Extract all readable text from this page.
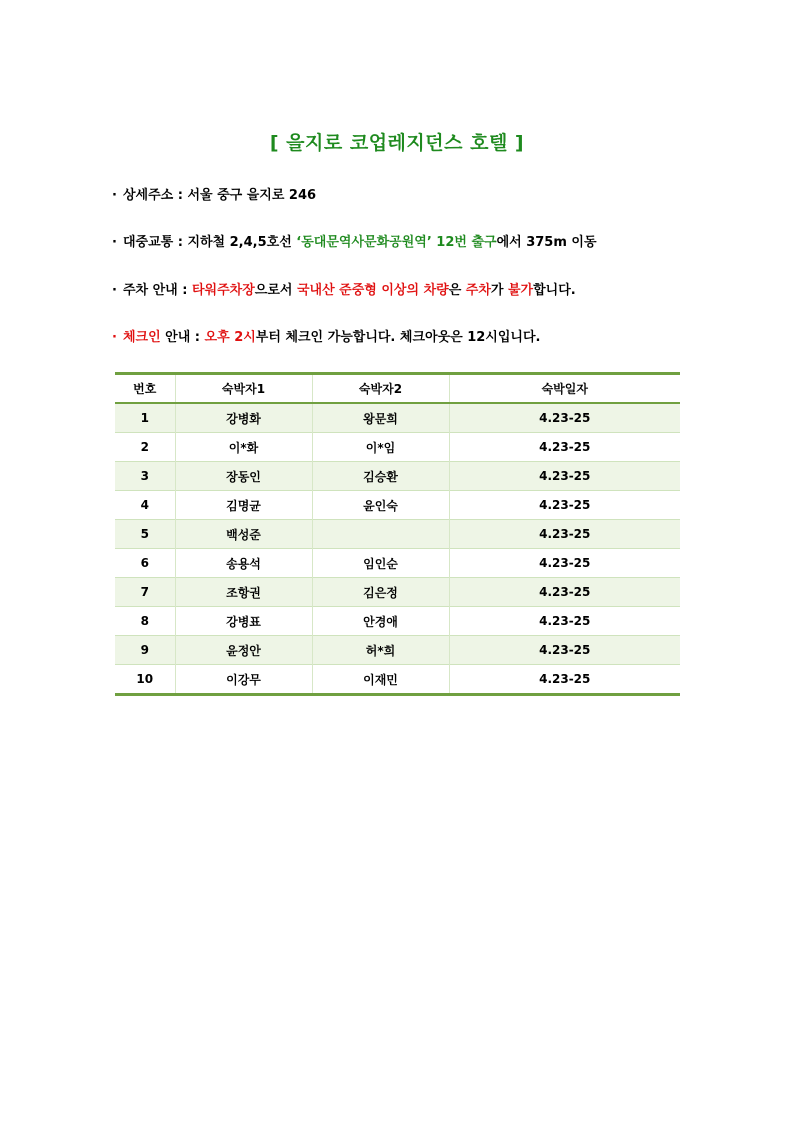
[ 을지로 코업레지던스 호텔 ]
· 상세주소 : 서울 중구 을지로 246
· 대중교통 : 지하철 2,4,5호선 ‘동대문역사문화공원역’ 12번 출구에서 375m 이동
· 주차 안내 : 타워주차장으로서 국내산 준중형 이상의 차량은 주차가 불가합니다.
· 체크인 안내 : 오후 2시부터 체크인 가능합니다. 체크아웃은 12시입니다.
번호	숙박자1	숙박자2	숙박일자
1	강병화	왕문희	4.23-25
2	이*화	이*임	4.23-25
3	장동인	김승환	4.23-25
4	김명균	윤인숙	4.23-25
5	백성준		4.23-25
6	송용석	임인순	4.23-25
7	조항권	김은정	4.23-25
8	강병표	안경애	4.23-25
9	윤정안	허*희	4.23-25
10	이강무	이재민	4.23-25
